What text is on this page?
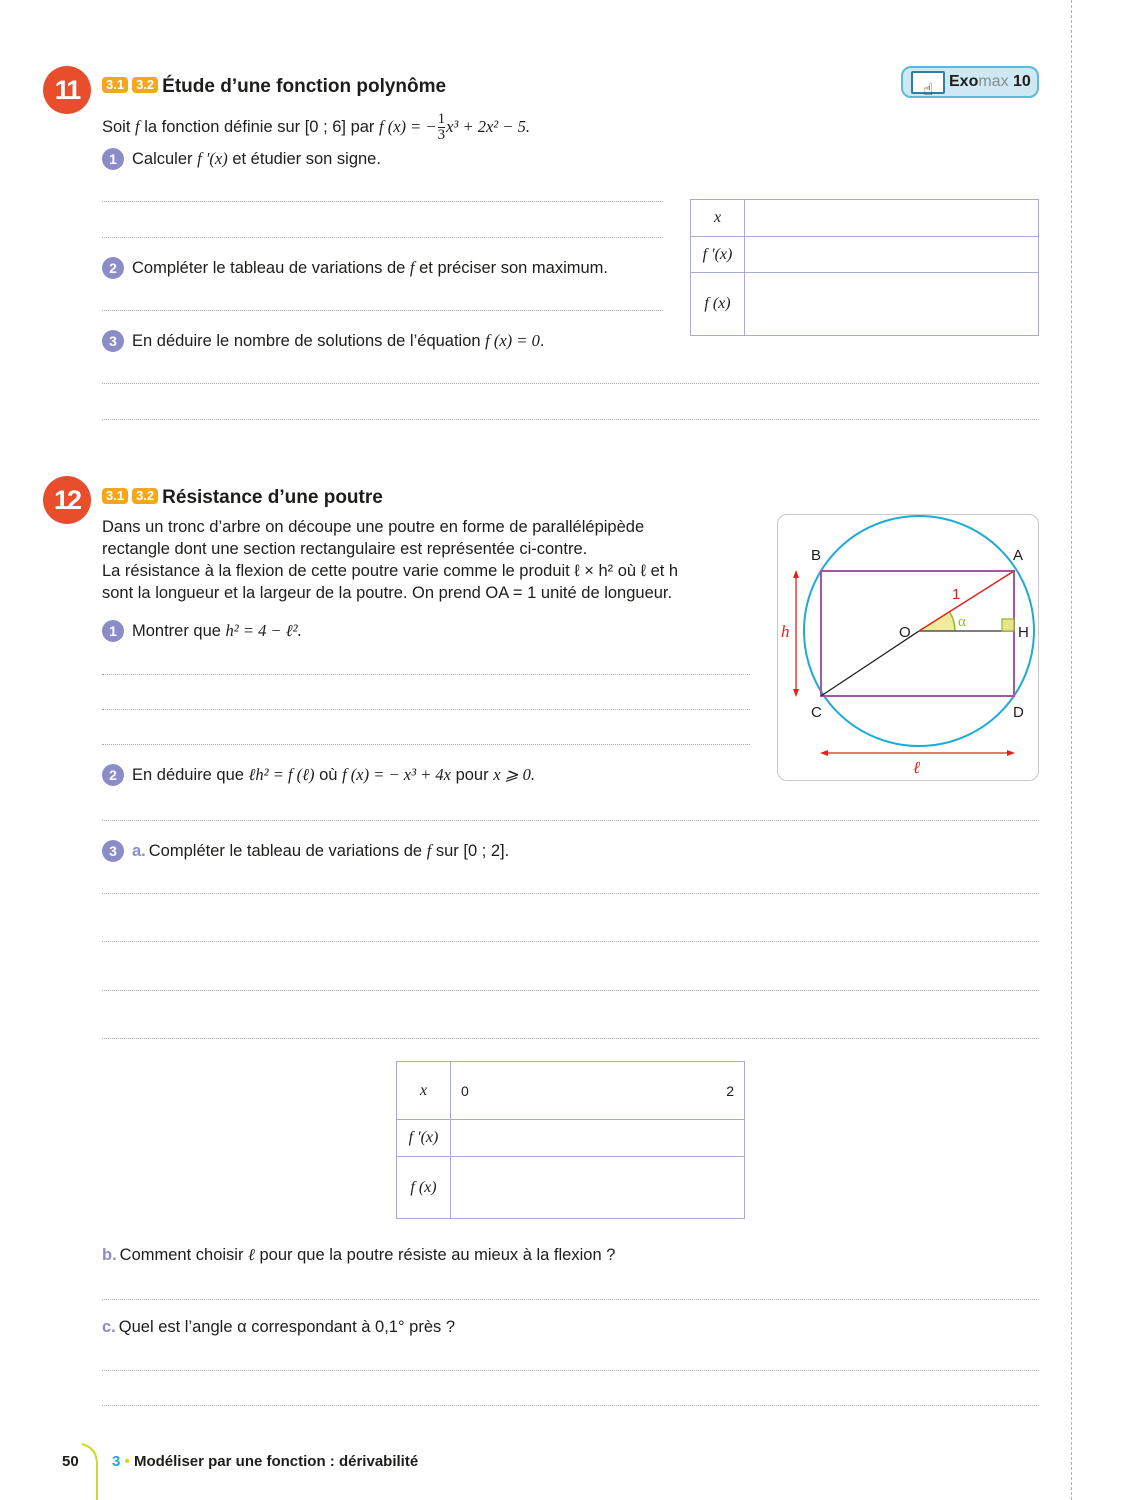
11	3.1 3.2 Étude d’une fonction polynôme	☝ Exo max
10
Soit f la fonction définie sur [0 ; 6] par f (x) = − $\frac{1}{3} x^3 + 2x^2 - 5$.
1 Calculer f ′(x) et étudier son signe.
2 Compléter le tableau de variations de f et préciser son maximum.
3 En déduire le nombre de solutions de l’équation f (x) = 0 .
x	
f ′(x)	
f (x)	
12	3.1 3.2 Résistance d’une poutre
Dans un tronc d’arbre on découpe une poutre en forme de parallélépipède
rectangle dont une section rectangulaire est représentée ci-contre.
La résistance à la flexion de cette poutre varie comme le produit ℓ × h² où ℓ et h
sont la longueur et la largeur de la poutre. On prend OA = 1 unité de longueur.
1 Montrer que h² = 4 − ℓ².
2 En déduire que ℓh² = f (ℓ) où f (x) = − x³ + 4x pour x ⩾ 0.
3 a. Compléter le tableau de variations de f sur [0 ; 2].
x	0 2

f ′(x)	
f (x)	
b. Comment choisir ℓ pour que la poutre résiste au mieux à la flexion ?
c. Quel est l’angle α correspondant à 0,1° près ?
B	A
C	D
O	H
1
α
h
ℓ
50 3 • Modéliser par une fonction : dérivabilité
